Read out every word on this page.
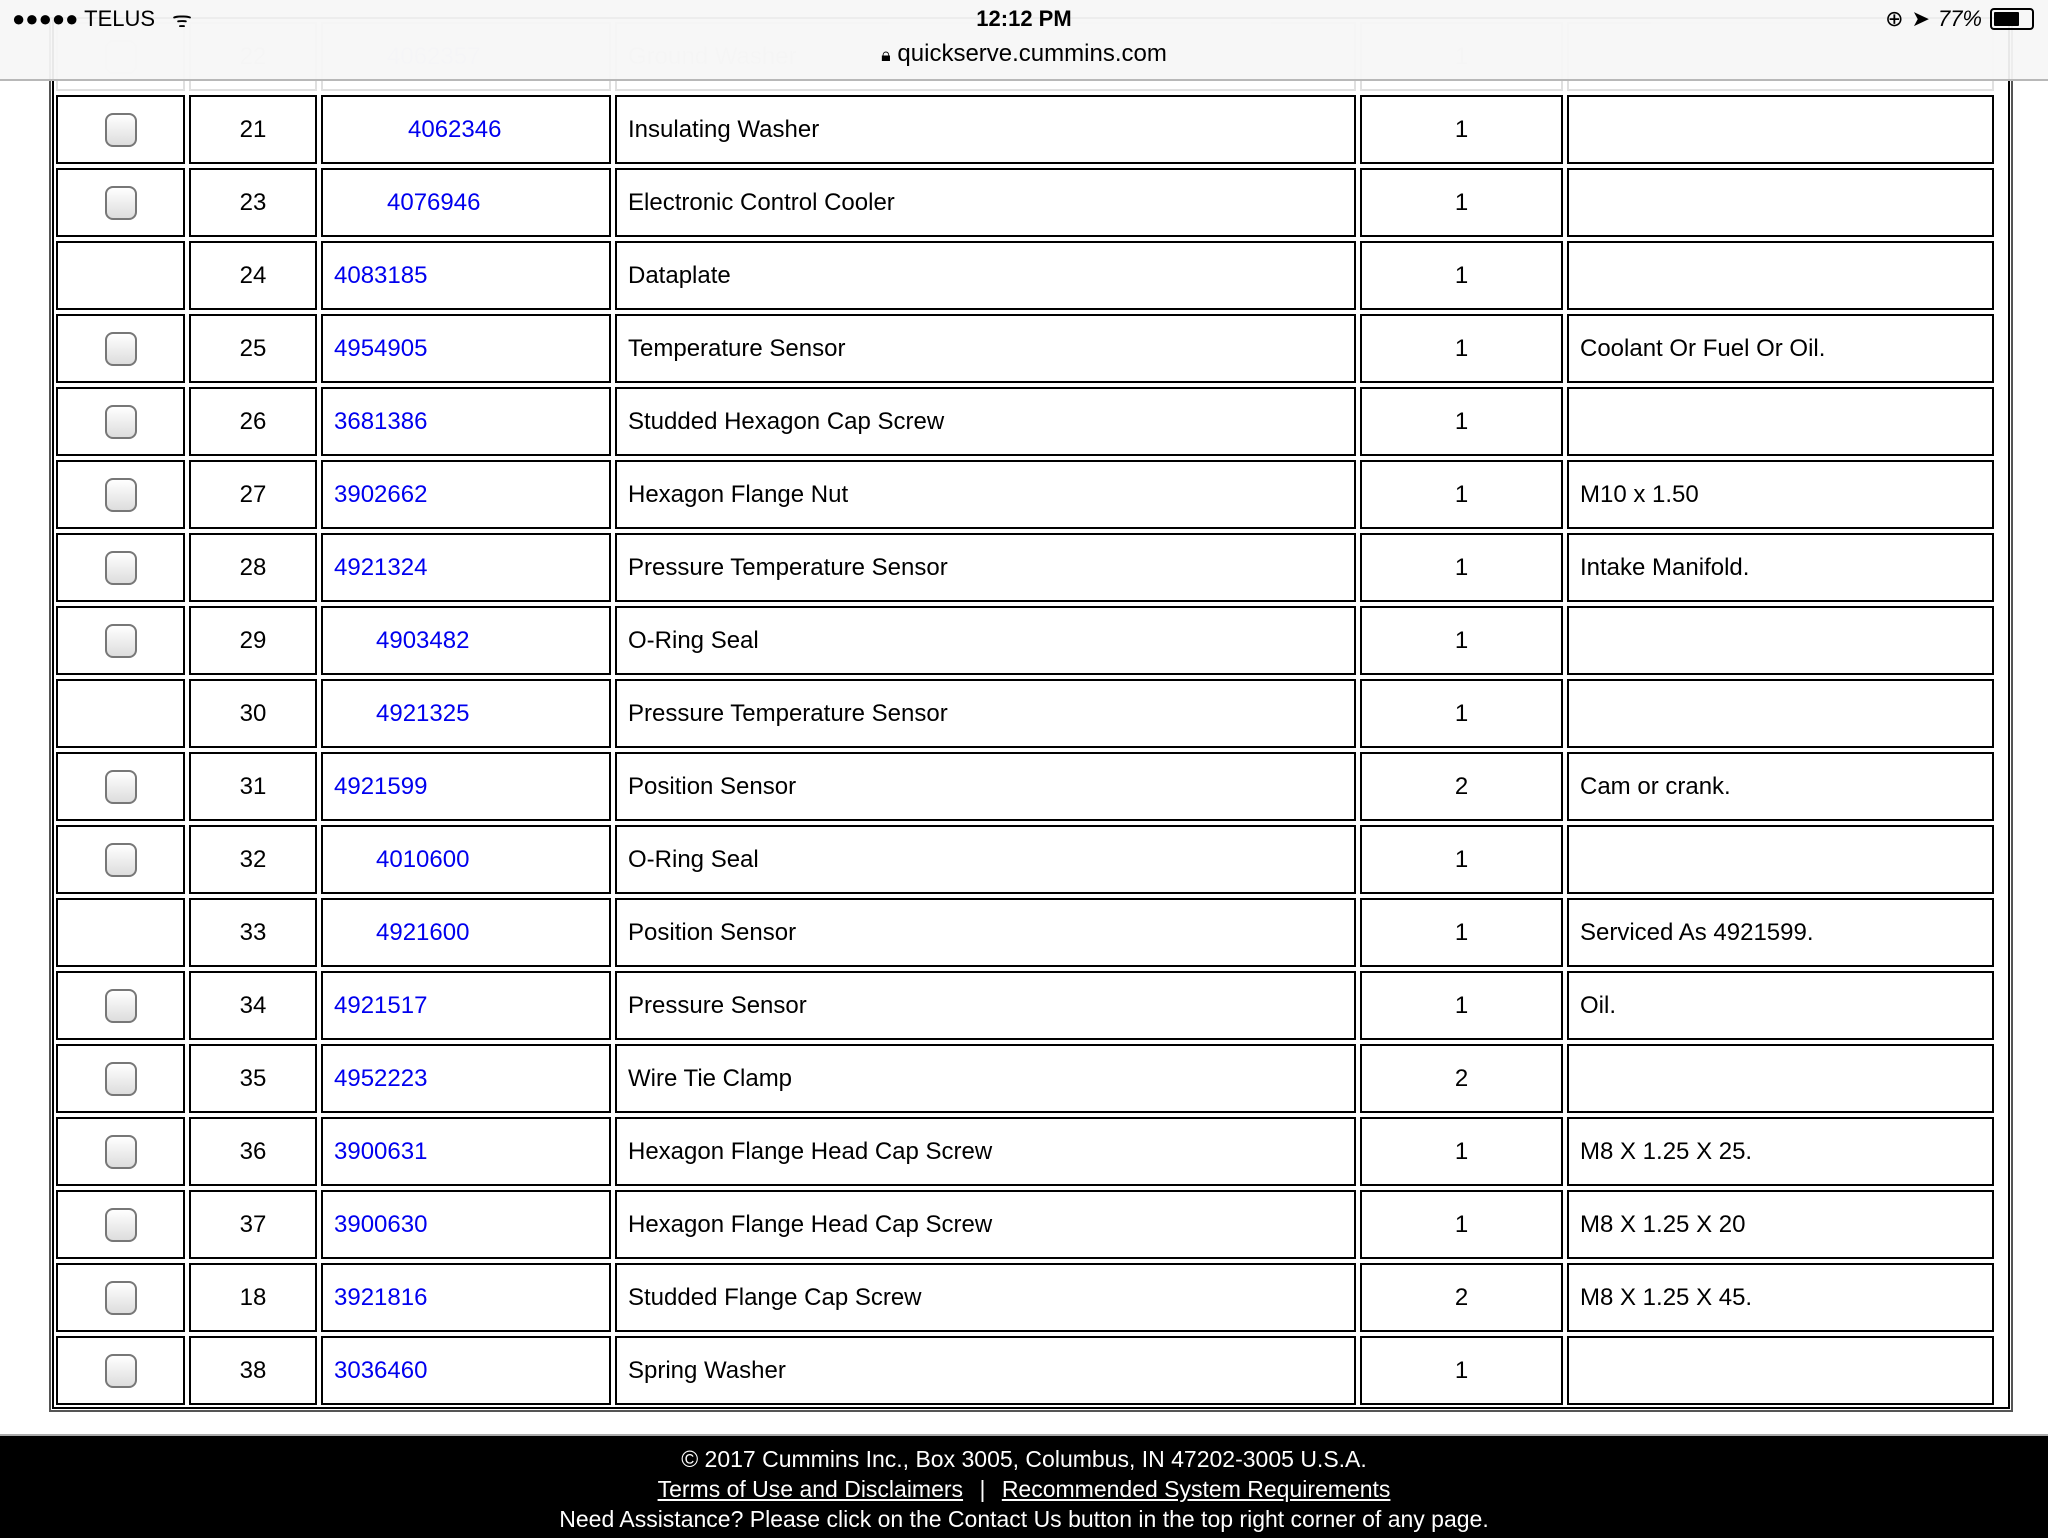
●●●●● TELUS ᯤ	12:12 PM
🔒︎ quickserve.cummins.com
⊕ ➤ 77%
21	4062346	Insulating Washer	1
23	4076946	Electronic Control Cooler	1
24	4083185	Dataplate	1
25	4954905	Temperature Sensor	1	Coolant Or Fuel Or Oil.
26	3681386	Studded Hexagon Cap Screw	1
27	3902662	Hexagon Flange Nut	1	M10 x 1.50
28	4921324	Pressure Temperature Sensor	1	Intake Manifold.
29	4903482	O-Ring Seal	1
30	4921325	Pressure Temperature Sensor	1
31	4921599	Position Sensor	2	Cam or crank.
32	4010600	O-Ring Seal	1
33	4921600	Position Sensor	1	Serviced As 4921599.
34	4921517	Pressure Sensor	1	Oil.
35	4952223	Wire Tie Clamp	2
36	3900631	Hexagon Flange Head Cap Screw	1	M8 X 1.25 X 25.
37	3900630	Hexagon Flange Head Cap Screw	1	M8 X 1.25 X 20
18	3921816	Studded Flange Cap Screw	2	M8 X 1.25 X 45.
38	3036460	Spring Washer	1
© 2017 Cummins Inc., Box 3005, Columbus, IN 47202-3005 U.S.A.
Terms of Use and Disclaimers | Recommended System Requirements
Need Assistance? Please click on the Contact Us button in the top right corner of any page.
